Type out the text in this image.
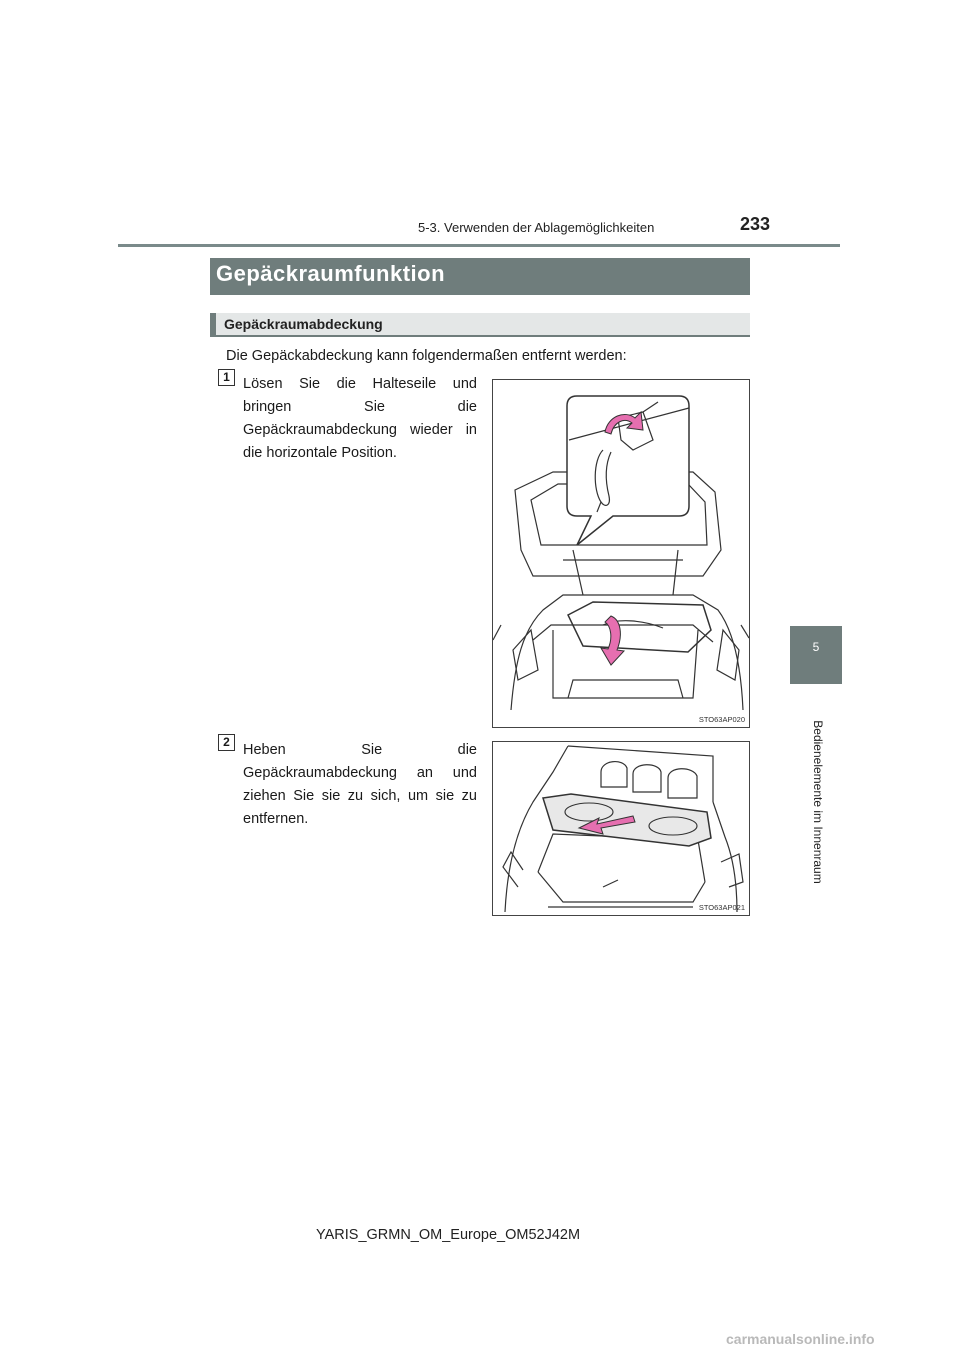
5-3. Verwenden der Ablagemöglichkeiten	233
5
Bedienelemente im Innenraum
Gepäckraumfunktion
Gepäckraumabdeckung
Die Gepäckabdeckung kann folgendermaßen entfernt werden:
1 Lösen Sie die Halteseile und bringen Sie die Gepäckraumabdeckung wieder in die horizontale Position.
STO63AP020
2 Heben Sie die Gepäckraumabdeckung an und ziehen Sie sie zu sich, um sie zu entfernen.
STO63AP021
YARIS_GRMN_OM_Europe_OM52J42M
carmanualsonline.info
